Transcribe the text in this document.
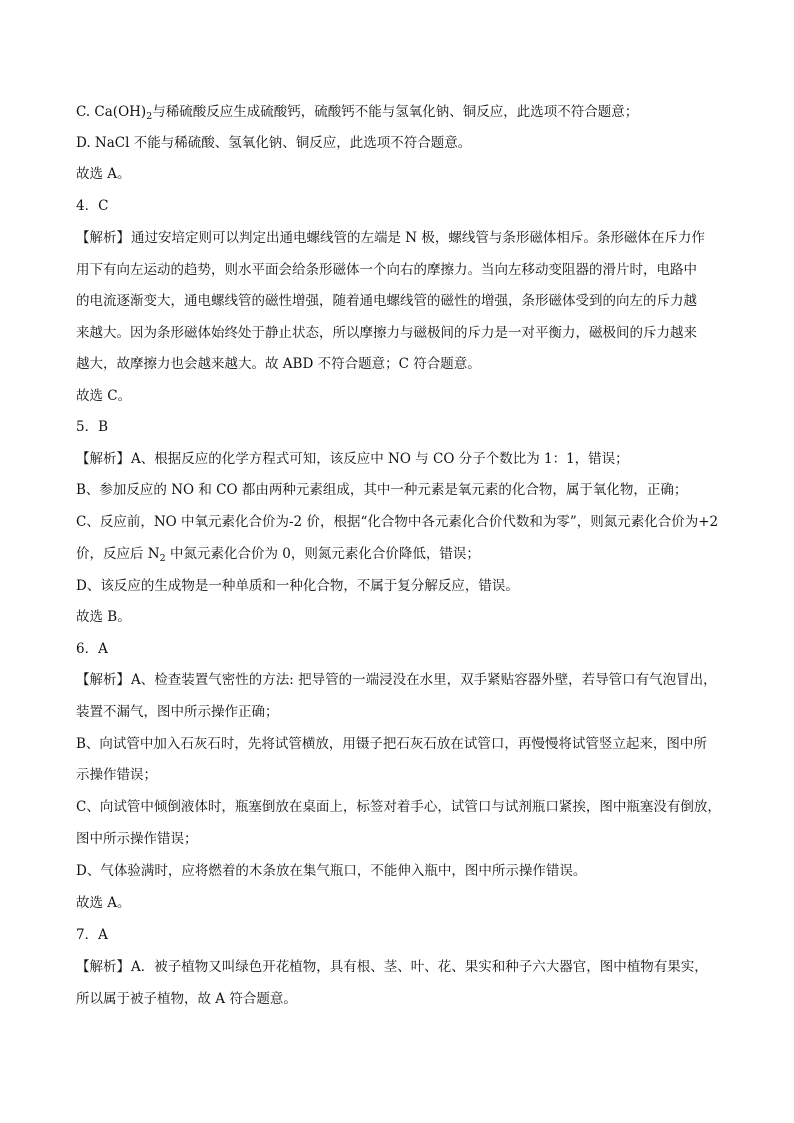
C. $Ca(OH)_2$与稀硫酸反应生成硫酸钙，硫酸钙不能与氢氧化钠、铜反应，此选项不符合题意；
D. NaCl 不能与稀硫酸、氢氧化钠、铜反应，此选项不符合题意。
故选 A。
4．C
【解析】通过安培定则可以判定出通电螺线管的左端是 N 极，螺线管与条形磁体相斥。条形磁体在斥力作
用下有向左运动的趋势，则水平面会给条形磁体一个向右的摩擦力。当向左移动变阻器的滑片时，电路中
的电流逐渐变大，通电螺线管的磁性增强，随着通电螺线管的磁性的增强，条形磁体受到的向左的斥力越
来越大。因为条形磁体始终处于静止状态，所以摩擦力与磁极间的斥力是一对平衡力，磁极间的斥力越来
越大，故摩擦力也会越来越大。故 ABD 不符合题意；C 符合题意。
故选 C。
5．B
【解析】A、根据反应的化学方程式可知，该反应中 NO 与 CO 分子个数比为 1：1，错误；
B、参加反应的 NO 和 CO 都由两种元素组成，其中一种元素是氧元素的化合物，属于氧化物，正确；
C、反应前，NO 中氧元素化合价为-2 价，根据“化合物中各元素化合价代数和为零”，则氮元素化合价为+2
价，反应后 $N_2$ 中氮元素化合价为 0，则氮元素化合价降低，错误；
D、该反应的生成物是一种单质和一种化合物，不属于复分解反应，错误。
故选 B。
6．A
【解析】A、检查装置气密性的方法: 把导管的一端浸没在水里，双手紧贴容器外壁，若导管口有气泡冒出，
装置不漏气，图中所示操作正确；
B、向试管中加入石灰石时，先将试管横放，用镊子把石灰石放在试管口，再慢慢将试管竖立起来，图中所
示操作错误；
C、向试管中倾倒液体时，瓶塞倒放在桌面上，标签对着手心，试管口与试剂瓶口紧挨，图中瓶塞没有倒放，
图中所示操作错误；
D、气体验满时，应将燃着的木条放在集气瓶口，不能伸入瓶中，图中所示操作错误。
故选 A。
7．A
【解析】A．被子植物又叫绿色开花植物，具有根、茎、叶、花、果实和种子六大器官，图中植物有果实，
所以属于被子植物，故 A 符合题意。
